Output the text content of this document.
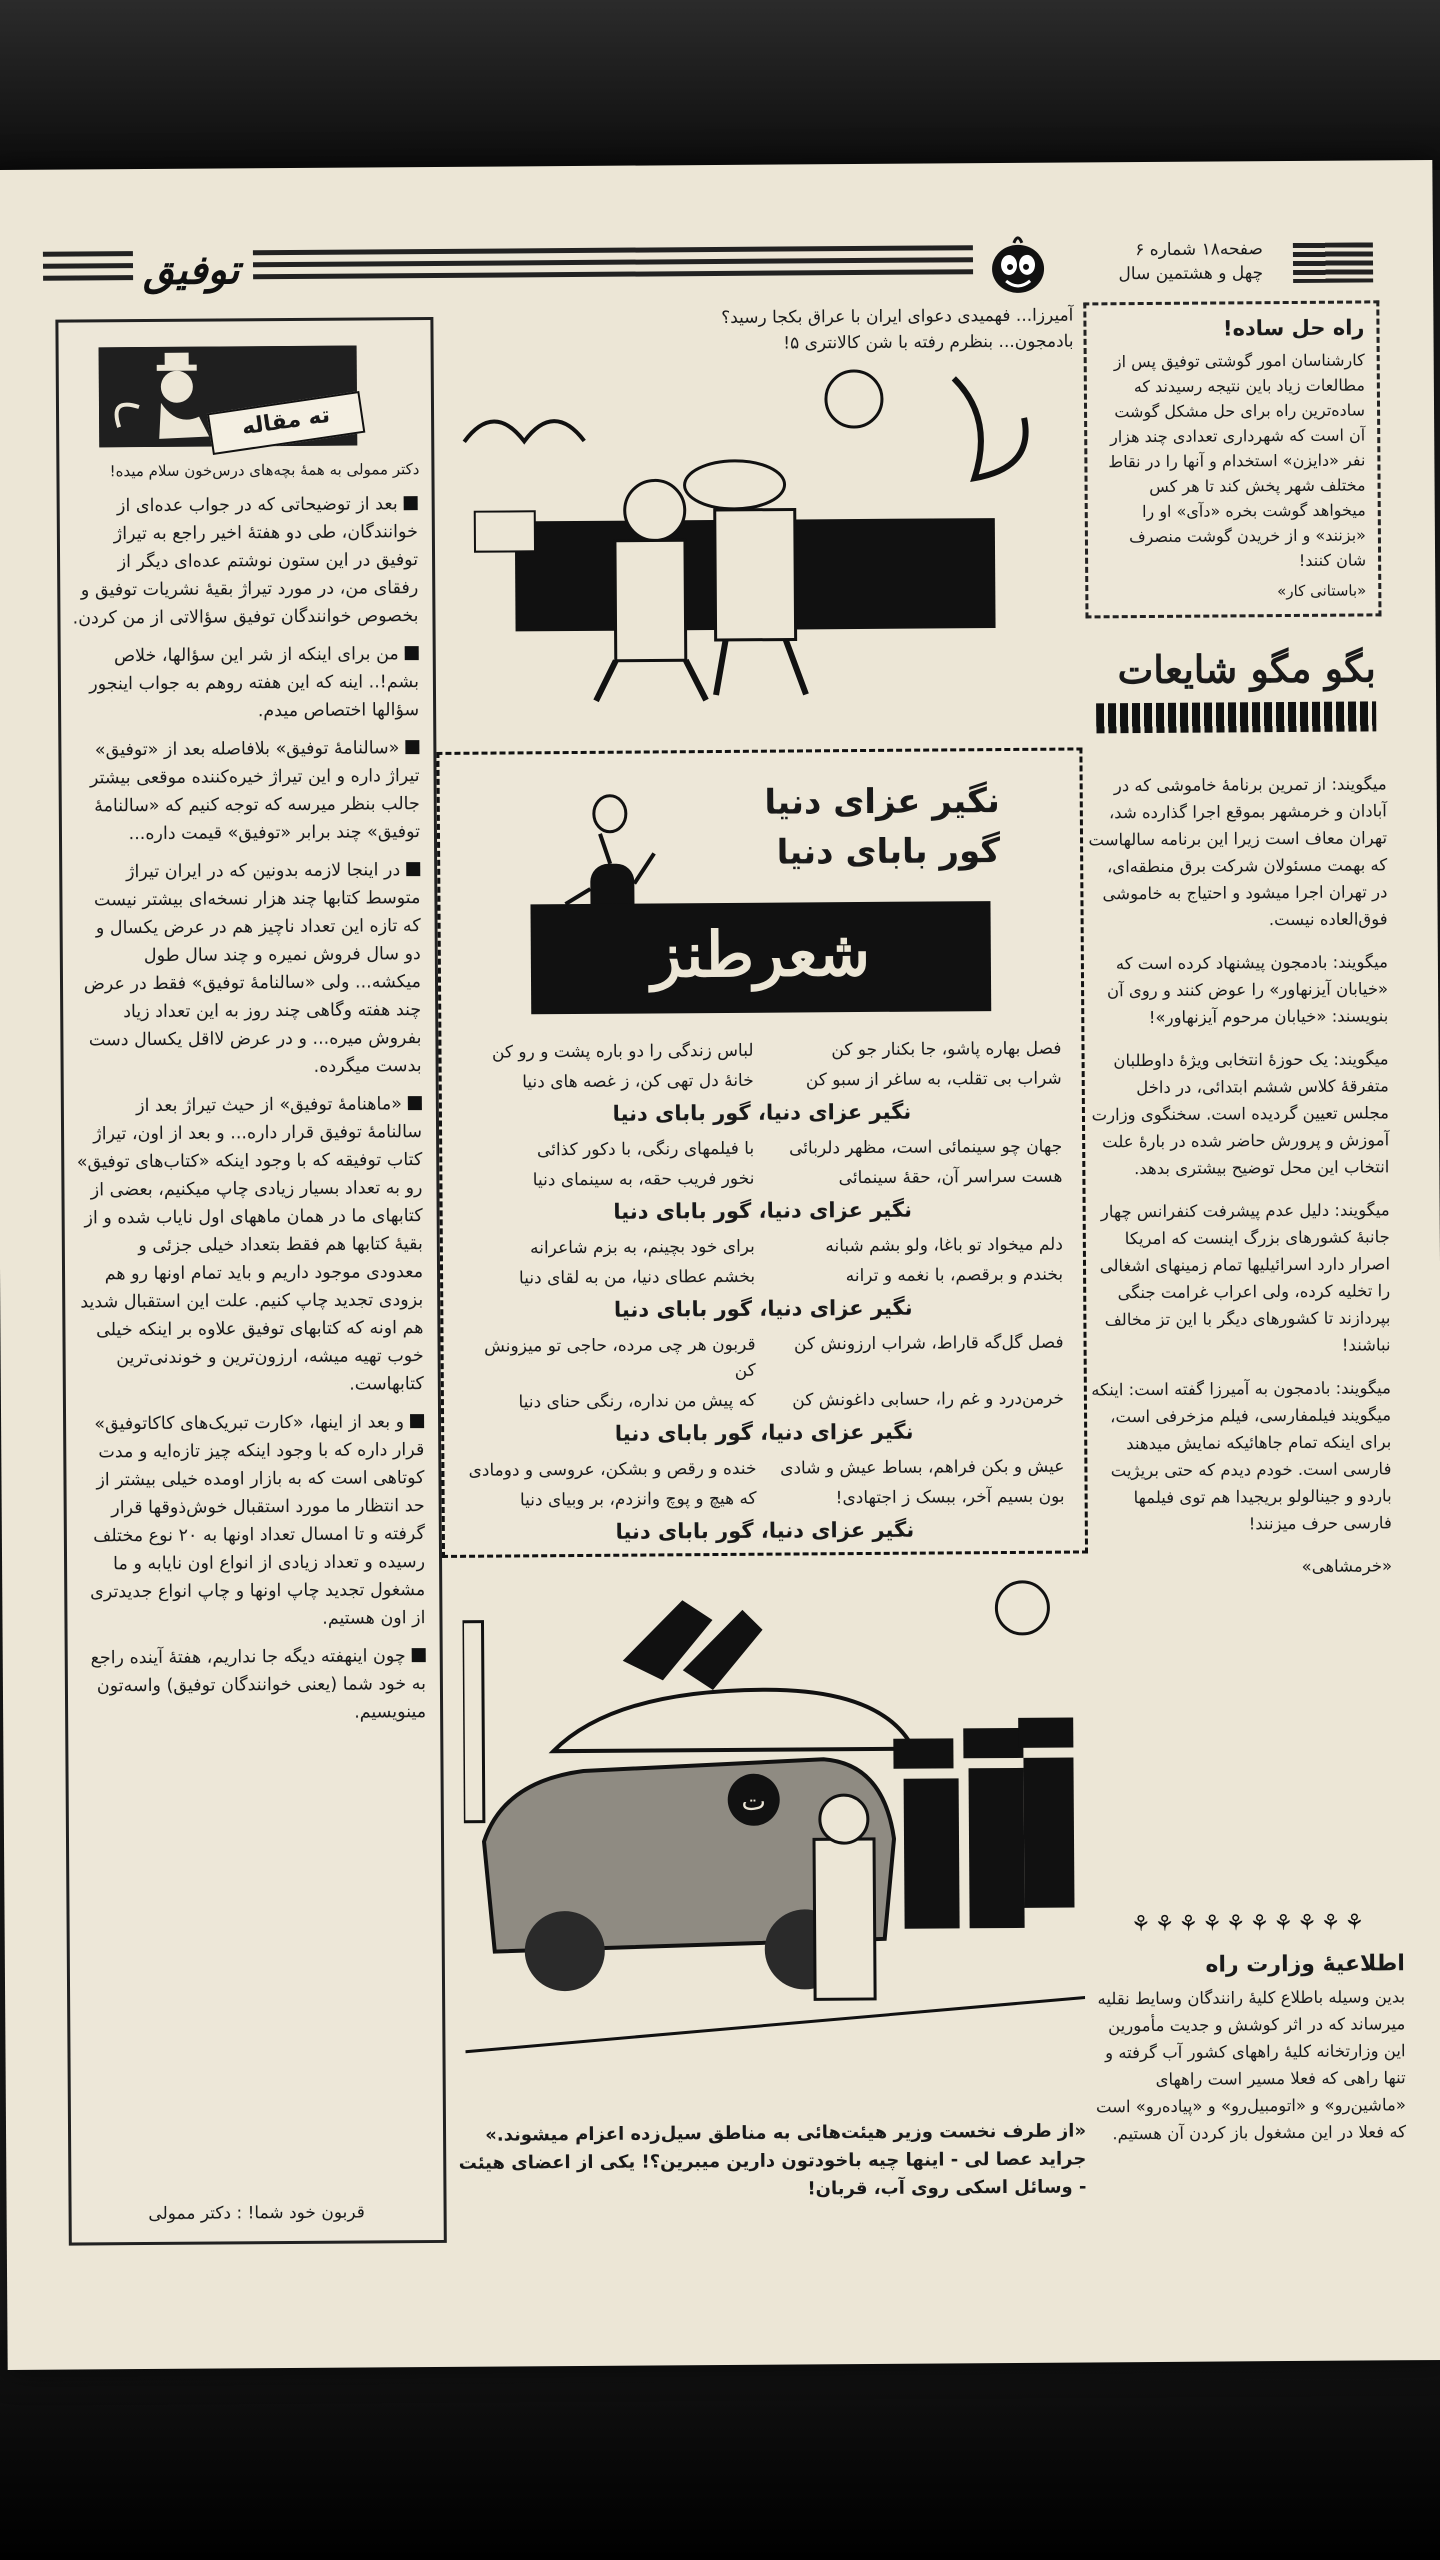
توفیق	صفحه۱۸ شماره ۶
چهل و هشتمین سال
ته مقاله
دکتر ممولی به همهٔ بچه‌های درس‌خون سلام میده!

بعد از توضیحاتی که در جواب عده‌ای از خوانندگان، طی دو هفتهٔ اخیر راجع به تیراژ توفیق در این ستون نوشتم عده‌ای دیگر از رفقای من، در مورد تیراژ بقیهٔ نشریات توفیق و بخصوص خوانندگان توفیق سؤالاتی از من کردن.

من برای اینکه از شر این سؤالها، خلاص بشم!.. اینه که این هفته روهم به جواب اینجور سؤالها اختصاص میدم.

«سالنامهٔ توفیق» بلافاصله بعد از «توفیق» تیراژ داره و این تیراژ خیره‌کننده موقعی بیشتر جالب بنظر میرسه که توجه کنیم که «سالنامهٔ توفیق» چند برابر «توفیق» قیمت داره...

در اینجا لازمه بدونین که در ایران تیراژ متوسط کتابها چند هزار نسخه‌ای بیشتر نیست که تازه این تعداد ناچیز هم در عرض یکسال و دو سال فروش نمیره و چند سال طول میکشه... ولی «سالنامهٔ توفیق» فقط در عرض چند هفته وگاهی چند روز به این تعداد زیاد بفروش میره... و در عرض لااقل یکسال دست بدست میگرده.

«ماهنامهٔ توفیق» از حیث تیراژ بعد از سالنامهٔ توفیق قرار داره... و بعد از اون، تیراژ کتاب توفیقه که با وجود اینکه «کتاب‌های توفیق» رو به تعداد بسیار زیادی چاپ میکنیم، بعضی از کتابهای ما در همان ماههای اول نایاب شده و از بقیهٔ کتابها هم فقط بتعداد خیلی جزئی و معدودی موجود داریم و باید تمام اونها رو هم بزودی تجدید چاپ کنیم. علت این استقبال شدید هم اونه که کتابهای توفیق علاوه بر اینکه خیلی خوب تهیه میشه، ارزون‌ترین و خوندنی‌ترین کتابهاست.

و بعد از اینها، «کارت تبریک‌های کاکاتوفیق» قرار داره که با وجود اینکه چیز تازه‌ایه و مدت کوتاهی است که به بازار اومده خیلی بیشتر از حد انتظار ما مورد استقبال خوش‌ذوقها قرار گرفته و تا امسال تعداد اونها به ۲۰ نوع مختلف رسیده و تعداد زیادی از انواع اون نایابه و ما مشغول تجدید چاپ اونها و چاپ انواع جدیدتری از اون هستیم.

چون اینهفته دیگه جا نداریم، هفتهٔ آینده راجع به خود شما (یعنی خوانندگان توفیق) واسه‌تون مینویسیم.

قربون خود شما! : دکتر ممولی
آمیرزا... فهمیدی دعوای ایران با عراق بکجا رسید؟
بادمجون... بنظرم رفته با شن کالانتری ۵!
نگیر عزای دنیا
گور بابای دنیا
شعرطنز
فصل بهاره پاشو، جا بکنار جو کن
لباس زندگی را دو باره پشت و رو کن
شراب بی تقلب، به ساغر از سبو کن
خانهٔ دل تهی کن، ز غصه های دنیا
نگیر عزای دنیا، گور بابای دنیا
جهان چو سینما‌ئی است، مظهر دلربائی
با فیلمهای رنگی، با دکور کذائی
هست سراسر آن، حقهٔ سینمائی
نخور فریب حقه، به سینمای دنیا
نگیر عزای دنیا، گور بابای دنیا
دلم میخواد تو باغا، ولو بشم شبانه
برای خود بچینم، به بزم شاعرانه
بخندم و برقصم، با نغمه و ترانه
بخشم عطای دنیا، من به لقای دنیا
نگیر عزای دنیا، گور بابای دنیا
فصل گل‌گه قاراط، شراب ارزونش کن
قربون هر چی مرده، حاجی تو میزونش کن
خرمن‌درد و غم را، حسابی داغونش کن
که پیش من نداره، رنگی حنای دنیا
نگیر عزای دنیا، گور بابای دنیا
عیش و بکن فراهم، بساط عیش و شادی
خنده و رقص و بشکن، عروسی و دومادی
بون بسیم آخر، ببسک ز اجتهادی!
که هیچ و پوچ وانزدم، بر وبیای دنیا
نگیر عزای دنیا، گور بابای دنیا
ت
«از طرف نخست وزیر هیئت‌هائی به مناطق سیل‌زده اعزام میشوند.» جراید عصا لی - اینها چیه باخودتون دارین میبرین؟! یکی از اعضای هیئت - وسائل اسکی روی آب، قربان!
راه حل ساده!

کارشناسان امور گوشتی توفیق پس از مطالعات زیاد باین نتیجه رسیدند که ساده‌ترین راه برای حل مشکل گوشت آن است که شهرداری تعدادی چند هزار نفر «دایزن» استخدام و آنها را در نقاط مختلف شهر پخش کند تا هر کس میخواهد گوشت بخره «دآی» او را «بزنند» و از خریدن گوشت منصرف شان کنند!

«باستانی کار»

بگو مگو شایعات

میگویند: از تمرین برنامهٔ خاموشی که در آبادان و خرمشهر بموقع اجرا گذارده شد، تهران معاف است زیرا این برنامه سالهاست که بهمت مسئولان شرکت برق منطقه‌ای، در تهران اجرا میشود و احتیاج به خاموشی فوق‌العاده نیست.

میگویند: بادمجون پیشنهاد کرده است که «خیابان آیزنهاور» را عوض کنند و روی آن بنویسند: «خیابان مرحوم آیزنهاور»!

میگویند: یک حوزهٔ انتخابی ویژهٔ داوطلبان متفرقهٔ کلاس ششم ابتدائی، در داخل مجلس تعیین گردیده است. سخنگوی وزارت آموزش و پرورش حاضر شده در بارهٔ علت انتخاب این محل توضیح بیشتری بدهد.

میگویند: دلیل عدم پیشرفت کنفرانس چهار جانبهٔ کشورهای بزرگ اینست که امریکا اصرار دارد اسرائیلیها تمام زمینهای اشغالی را تخلیه کرده، ولی اعراب غرامت جنگی بپردازند تا کشورهای دیگر با این تز مخالف نباشند!

میگویند: بادمجون به آمیرزا گفته است: اینکه میگویند فیلمفارسی، فیلم مزخرفی است، برای اینکه تمام جاهائیکه نمایش میدهند فارسی است. خودم دیدم که حتی بریژیت باردو و جینالولو بریجیدا هم توی فیلمها فارسی حرف میزنند!

«خرمشاهی»

⚘⚘⚘⚘⚘⚘⚘⚘⚘⚘
اطلاعیهٔ وزارت راه
بدین وسیله باطلاع کلیهٔ رانندگان وسایط نقلیه میرساند که در اثر کوشش و جدیت مأمورین این وزارتخانه کلیهٔ راههای کشور آب گرفته و تنها راهی که فعلا مسیر است راههای «ماشین‌رو» و «اتومبیل‌رو» و «پیاده‌رو» است که فعلا در این مشغول باز کردن آن هستیم.
